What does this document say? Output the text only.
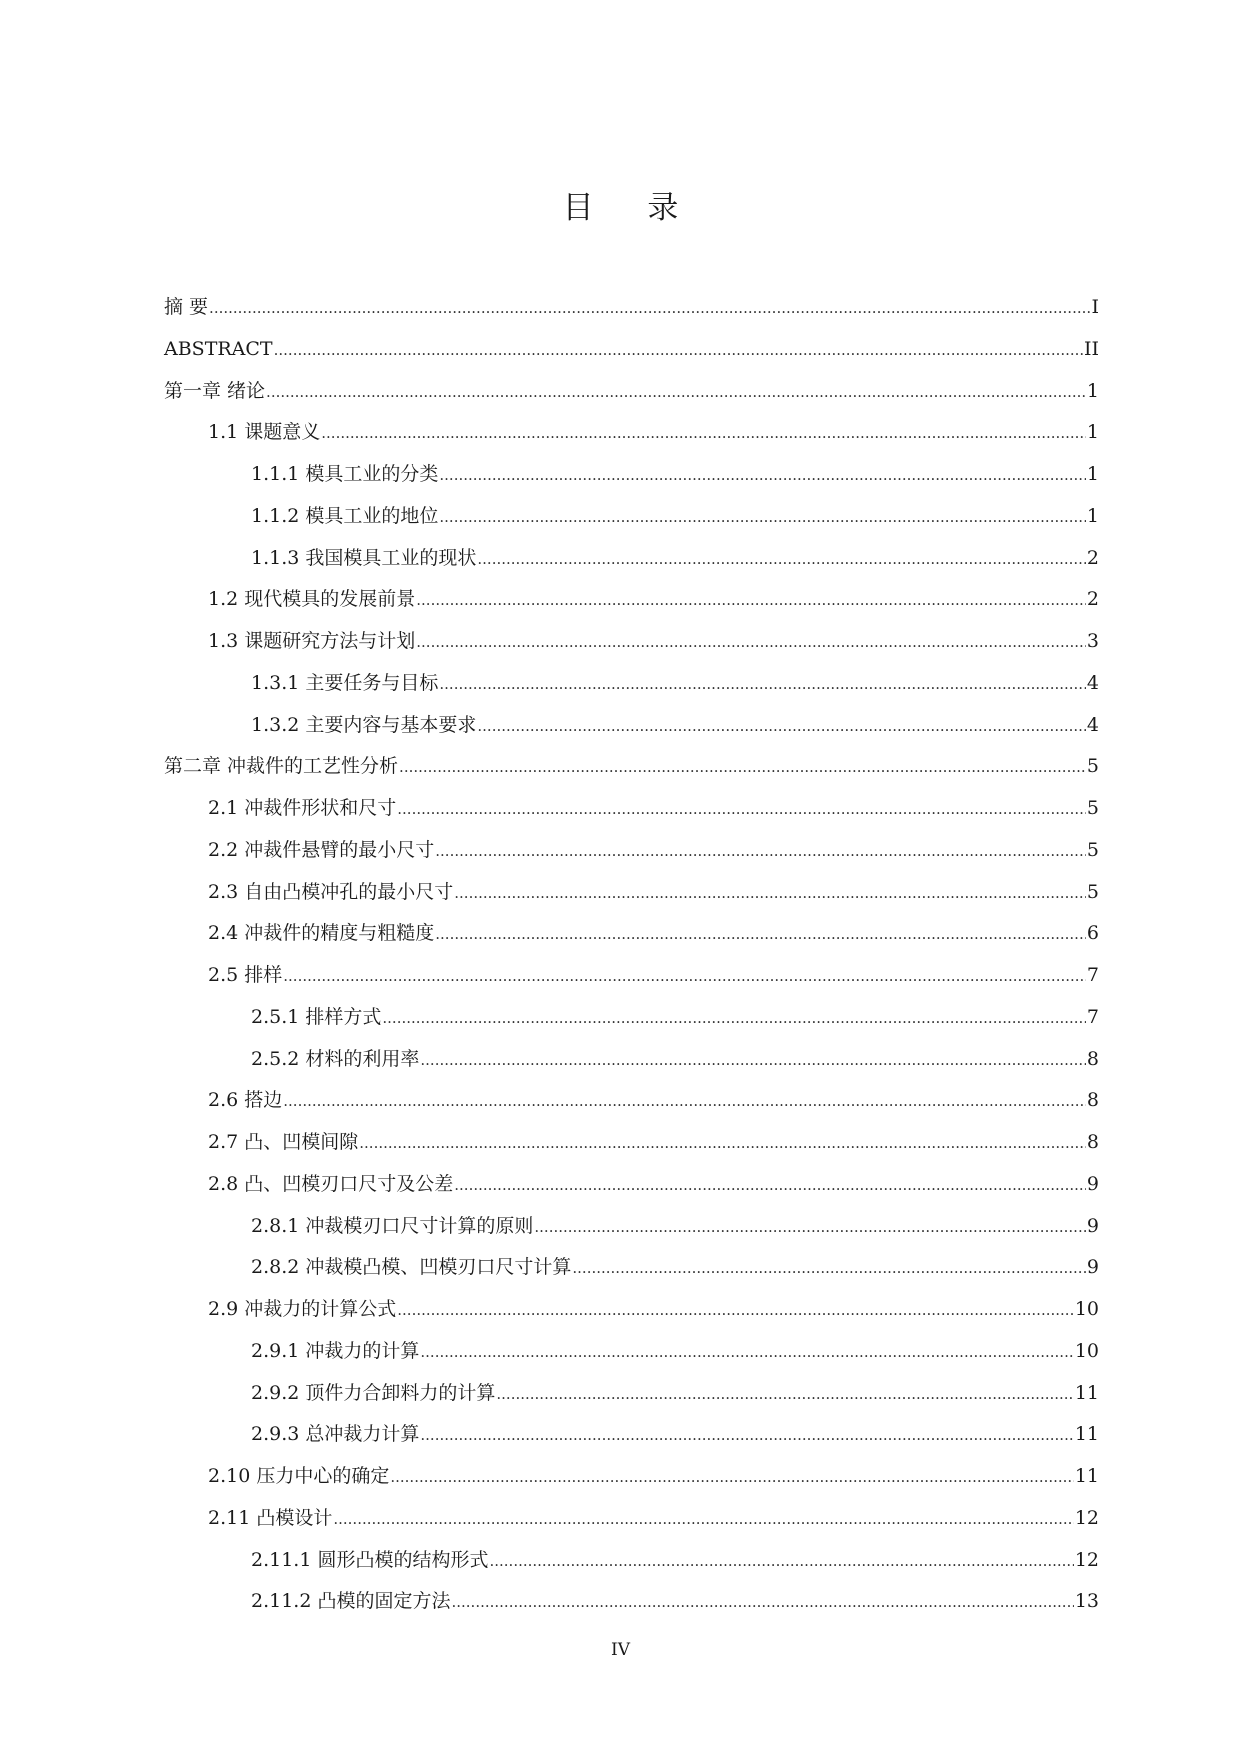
目 录
摘 要 .....	I
ABSTRACT .....	II
第一章 绪论 .....	1
1.1 课题意义 .....	1
1.1.1 模具工业的分类 .....	1
1.1.2 模具工业的地位 .....	1
1.1.3 我国模具工业的现状 .....	2
1.2 现代模具的发展前景 .....	2
1.3 课题研究方法与计划 .....	3
1.3.1 主要任务与目标 .....	4
1.3.2 主要内容与基本要求 .....	4
第二章 冲裁件的工艺性分析 .....	5
2.1 冲裁件形状和尺寸 .....	5
2.2 冲裁件悬臂的最小尺寸 .....	5
2.3 自由凸模冲孔的最小尺寸 .....	5
2.4 冲裁件的精度与粗糙度 .....	6
2.5 排样 .....	7
2.5.1 排样方式 .....	7
2.5.2 材料的利用率 .....	8
2.6 搭边 .....	8
2.7 凸、凹模间隙 .....	8
2.8 凸、凹模刃口尺寸及公差 .....	9
2.8.1 冲裁模刃口尺寸计算的原则 .....	9
2.8.2 冲裁模凸模、凹模刃口尺寸计算 .....	9
2.9 冲裁力的计算公式 .....	10
2.9.1 冲裁力的计算 .....	10
2.9.2 顶件力合卸料力的计算 .....	11
2.9.3 总冲裁力计算 .....	11
2.10 压力中心的确定 .....	11
2.11 凸模设计 .....	12
2.11.1 圆形凸模的结构形式 .....	12
2.11.2 凸模的固定方法 .....	13
IV
